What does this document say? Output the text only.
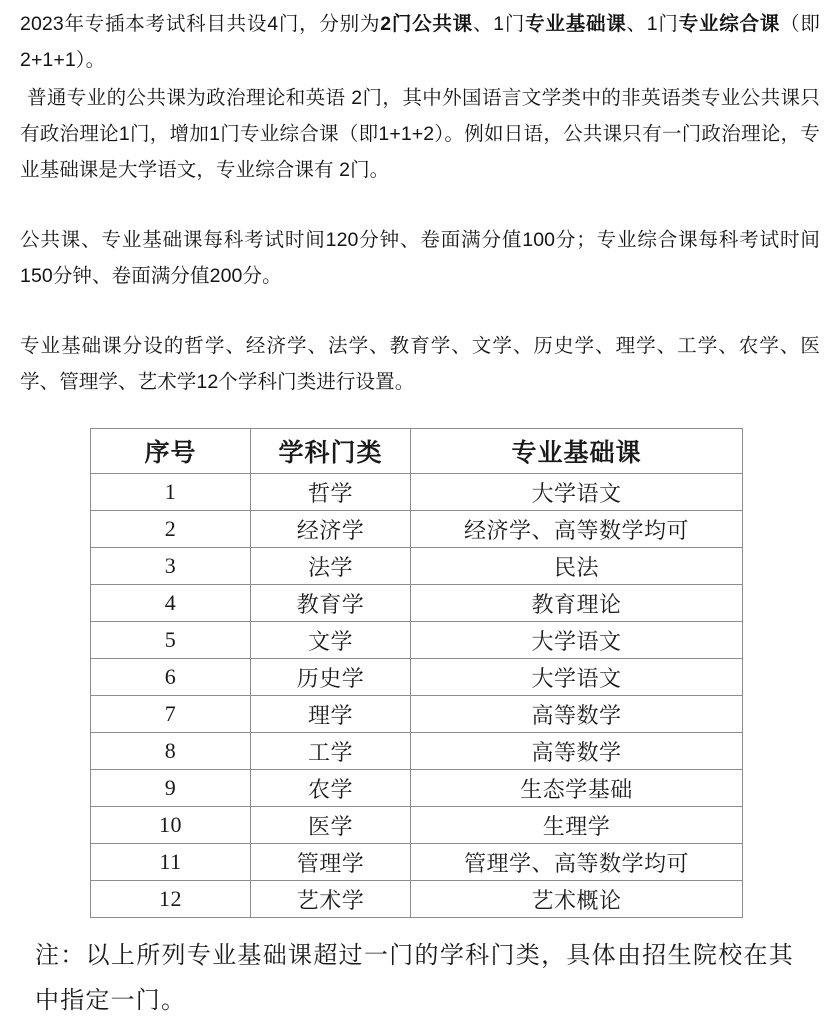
2023年专插本考试科目共设4门，分别为2门公共课、1门专业基础课、1门专业综合课（即2+1+1）。

普通专业的公共课为政治理论和英语 2门，其中外国语言文学类中的非英语类专业公共课只有政治理论1门，增加1门专业综合课（即1+1+2）。例如日语，公共课只有一门政治理论，专业基础课是大学语文，专业综合课有 2门。

公共课、专业基础课每科考试时间120分钟、卷面满分值100分；专业综合课每科考试时间150分钟、卷面满分值200分。

专业基础课分设的哲学、经济学、法学、教育学、文学、历史学、理学、工学、农学、医学、管理学、艺术学12个学科门类进行设置。

序号	学科门类	专业基础课
1	哲学	大学语文
2	经济学	经济学、高等数学均可
3	法学	民法
4	教育学	教育理论
5	文学	大学语文
6	历史学	大学语文
7	理学	高等数学
8	工学	高等数学
9	农学	生态学基础
10	医学	生理学
11	管理学	管理学、高等数学均可
12	艺术学	艺术概论

注：以上所列专业基础课超过一门的学科门类，具体由招生院校在其中指定一门。
